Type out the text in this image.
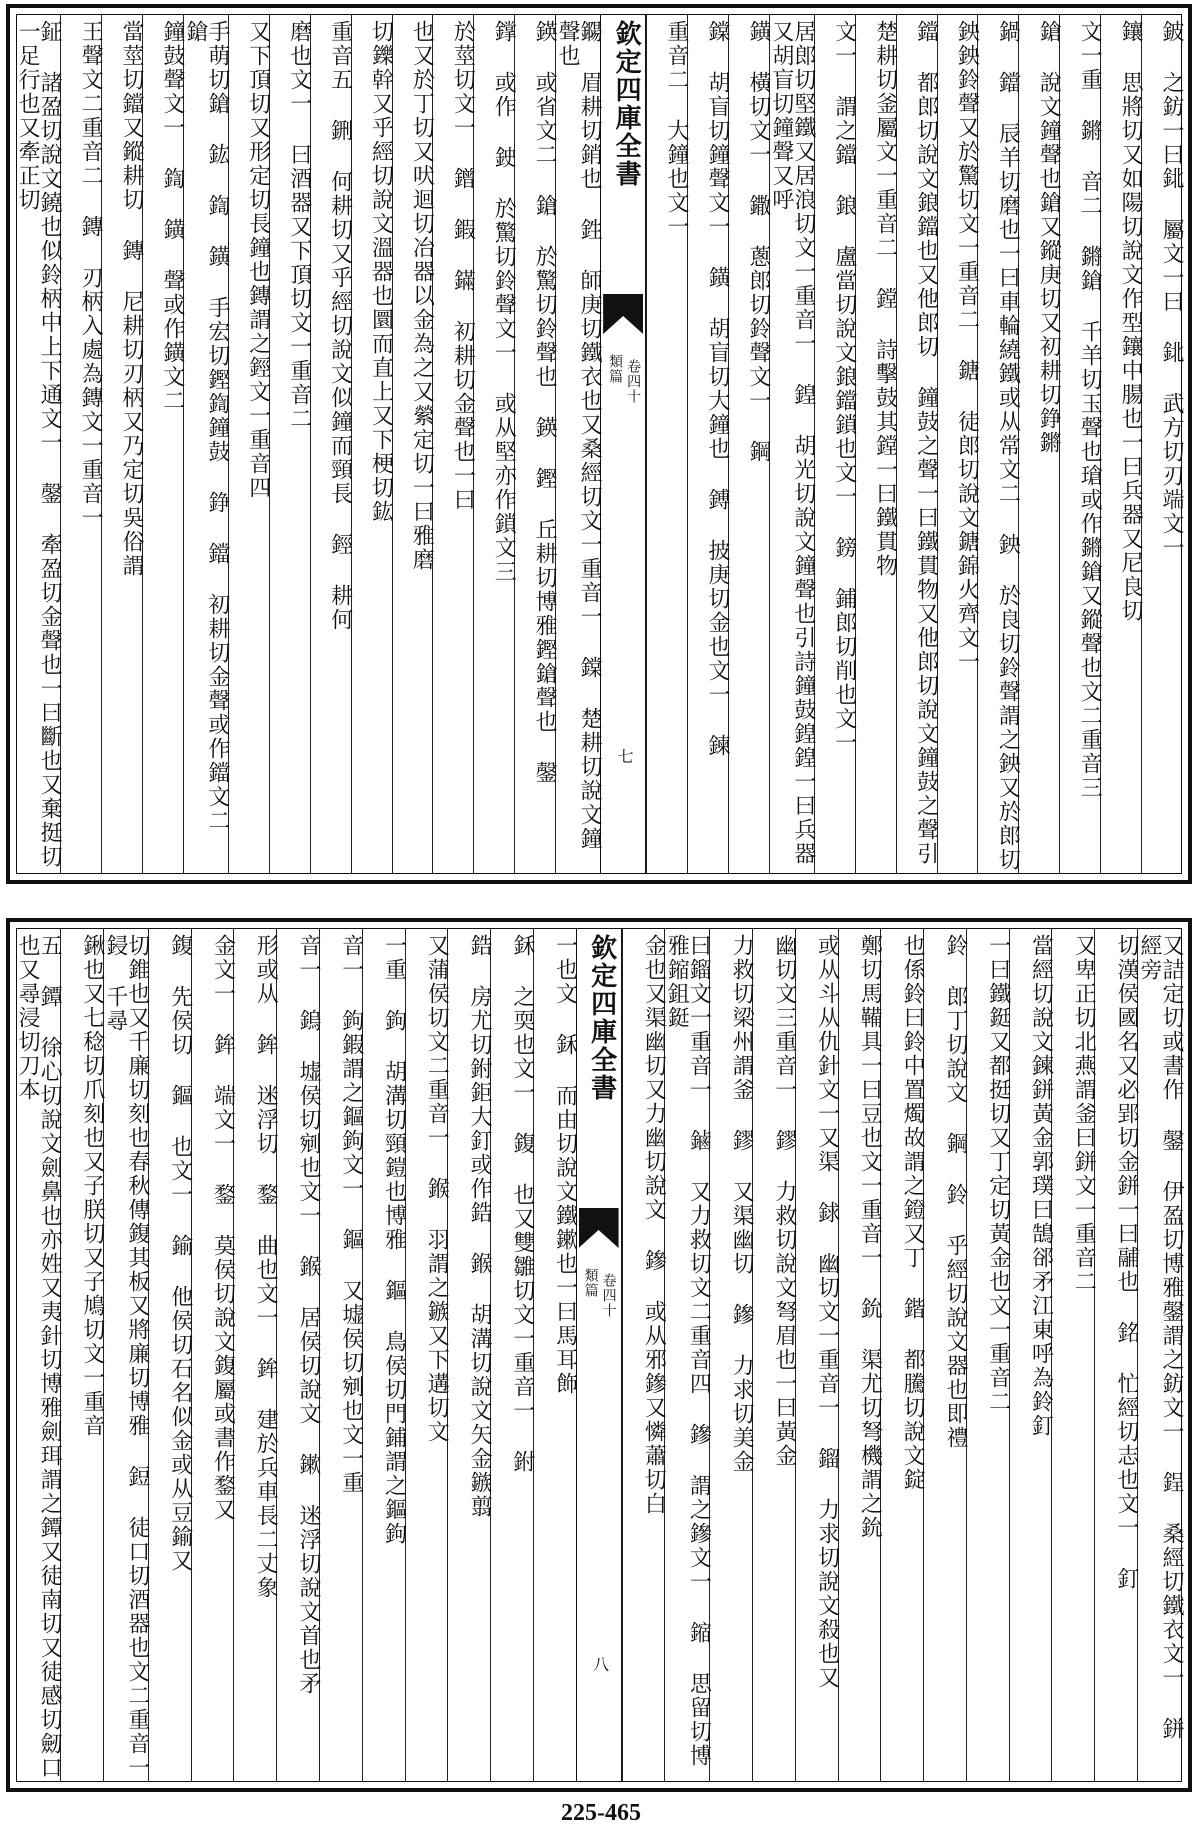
鈹 之鈁一曰鉳 屬文一曰 鉳 武方切刃端文一
鑲 思將切又如陽切說文作型鑲中腸也一曰兵器又尼良切
文一重 鏘 音二 鏘鎗 千羊切玉聲也瑲或作鏘鎗又鏦聲也文二重音三
鎗 說文鐘聲也鎗又鏦庚切又初耕切錚鏘
鍋 鐺 辰羊切磨也一曰車輪繞鐵或从常文二 鉠 於良切鈴聲謂之鉠又於郎切
鉠鉠鈴聲又於驚切文一重音二 鎕 徒郎切說文鎕錦火齊文一
鐺 都郎切說文鋃鐺也又他郎切 鐘鼓之聲一曰鐵貫物又他郎切說文鐘鼓之聲引
楚耕切釜屬文一重音二 鏜 詩擊鼓其鏜一曰鐵貫物
文一 謂之鐺 鋃 盧當切說文鋃鐺鎖也文一 鎊 鋪郎切削也文一
居郎切堅鐵又居浪切文一重音一 鍠 胡光切說文鐘聲也引詩鐘鼓鍠鍠一曰兵器又胡盲切鐘聲又呼
鐄 橫切文一 鏾 蔥郎切鈴聲文一 鋼
鏿 胡盲切鐘聲文一 鐄 胡盲切大鐘也 鎛 披庚切金也文一 鍊
重音二 大鐘也文一
欽定四庫全書
類篇 卷四十
七
鐊 眉耕切銷也 鉎 師庚切鐵衣也又桑經切文一重音一 鏿 楚耕切說文鐘聲也
鍈 或省文二 鎗 於驚切鈴聲也 鍈 鏗 丘耕切博雅鏗鎗聲也 鏧
鐣 或作 鉂 於驚切鈴聲文一 或从堅亦作鎖文三
於莖切文一 鏳 鍜 鏋 初耕切金聲也一曰
也又於丁切又吠迴切冶器以金為之又縈定切一曰雅磨
切鑠幹又乎經切說文溫器也圜而直上又下梗切鈜
重音五 鉶 何耕切又乎經切說文似鐘而頸長 鋞 耕何
磨也文一 曰酒器又下頂切文一重音二
又下頂切又形定切長鐘也鏄謂之鋞文一重音四
手萌切鎗 鈜 鍧 鐄 手宏切鏗鍧鐘鼓 錚 鐺 初耕切金聲或作鐺文二 鎗
鐘鼓聲文一 鍧 鐄 聲或作鐄文二
當莖切鐺又鏦耕切 鏄 尼耕切刃柄又乃定切吳俗謂
王聲文二重音二 鏄 刃柄入處為鏄文一重音一
鉦 諸盈切說文鐃也似鈴柄中上下通文一 鏧 牽盈切金聲也一曰斷也又棄挺切一足行也又牽正切
又詰定切或書作 鏧 伊盈切博雅鏧謂之鈁文一 鋥 桑經切鐵衣文一 鉼 經旁
切漢侯國名又必郢切金鉼一曰鬴也 銘 忙經切志也文一 釘
又卑正切北燕謂釜曰鉼文一重音二
當經切說文鍊鉼黃金郭璞曰鵠郤矛江東呼為鈴釘
一曰鐵鋌又都挺切又丁定切黃金也文一重音二
鈴 郎丁切說文 鋼 鈴 乎經切說文器也即禮
也係鈴曰鈴中置燭故謂之鐙又丁 鍇 都騰切說文錠
鄭切馬鞴具一曰豆也文一重音一 鈗 渠尤切弩機謂之鈗
或从斗从仇針文一又渠 銶 幽切文一重音一 鎦 力求切說文殺也又
幽切文三重音一 鏐 力救切說文弩眉也一曰黃金
力救切梁州謂釜 鏐 又渠幽切 鏒 力求切美金
曰鎦文一重音一 鏀 又力救切文二重音四 鏒 謂之鏒文一 鏥 思留切博雅鏥鉏鋌
金也又渠幽切又力幽切說文 鏒 或从邪鏒又憐蕭切白
欽定四庫全書
類篇 卷四十
八
一也文 鉌 而由切說文鐵鏉也一曰馬耳飾
鉌 之耎也文一 鍑 也又雙雛切文一重音一 鉜
鋯 房尤切鉜鉅大釘或作鋯 鍭 胡溝切說文矢金鏃翦
又蒲侯切文二重音一 鍭 羽謂之鏃又下遘切文
一重 鉤 胡溝切頸鎧也博雅 鏂 鳥侯切門鋪謂之鏂鉤
音一 鉤鍜謂之鏂鉤文一 鏂 又墟侯切剜也文一重
音一 鎢 墟侯切剜也文一 鍭 居侯切說文 鏉 迷浮切說文首也矛
形或从 鉾 迷浮切 鍪 曲也文一 鉾 建於兵車長二丈象
金文一 鉾 端文一 鍪 莫侯切說文鍑屬或書作鍪又
鍑 先侯切 鏂 也文一 鍮 他侯切石名似金或从豆鍮又
切錐也又千廉切刻也春秋傳鍑其板又將廉切博雅 鋀 徒口切酒器也文二重音一 鋟 千尋
鍬也又七稔切爪刻也又子朕切又子鳩切文一重音
五 鐔 徐心切說文劍鼻也亦姓又夷針切博雅劍珥謂之鐔又徒南切又徒感切劒口也又尋浸切刀本
225-465
